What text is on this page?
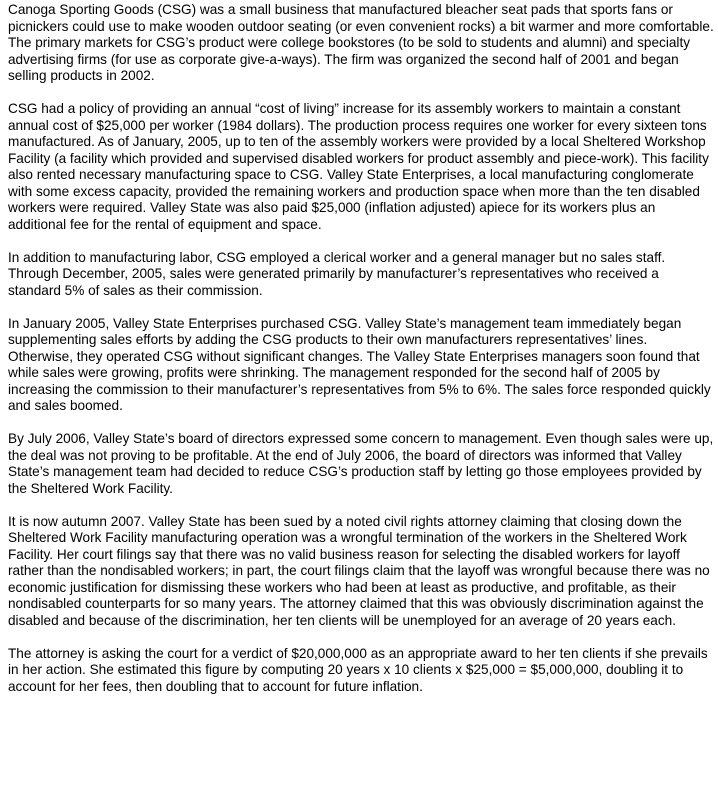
Canoga Sporting Goods (CSG) was a small business that manufactured bleacher seat pads that sports fans or picnickers could use to make wooden outdoor seating (or even convenient rocks) a bit warmer and more comfortable. The primary markets for CSG’s product were college bookstores (to be sold to students and alumni) and specialty advertising firms (for use as corporate give-a-ways). The firm was organized the second half of 2001 and began selling products in 2002.

CSG had a policy of providing an annual “cost of living” increase for its assembly workers to maintain a constant annual cost of $25,000 per worker (1984 dollars). The production process requires one worker for every sixteen tons manufactured. As of January, 2005, up to ten of the assembly workers were provided by a local Sheltered Workshop Facility (a facility which provided and supervised disabled workers for product assembly and piece-work). This facility also rented necessary manufacturing space to CSG. Valley State Enterprises, a local manufacturing conglomerate with some excess capacity, provided the remaining workers and production space when more than the ten disabled workers were required. Valley State was also paid $25,000 (inflation adjusted) apiece for its workers plus an additional fee for the rental of equipment and space.

In addition to manufacturing labor, CSG employed a clerical worker and a general manager but no sales staff. Through December, 2005, sales were generated primarily by manufacturer’s representatives who received a standard 5% of sales as their commission.

In January 2005, Valley State Enterprises purchased CSG. Valley State’s management team immediately began supplementing sales efforts by adding the CSG products to their own manufacturers representatives’ lines. Otherwise, they operated CSG without significant changes. The Valley State Enterprises managers soon found that while sales were growing, profits were shrinking. The management responded for the second half of 2005 by increasing the commission to their manufacturer’s representatives from 5% to 6%. The sales force responded quickly and sales boomed.

By July 2006, Valley State’s board of directors expressed some concern to management. Even though sales were up, the deal was not proving to be profitable. At the end of July 2006, the board of directors was informed that Valley State’s management team had decided to reduce CSG’s production staff by letting go those employees provided by the Sheltered Work Facility.

It is now autumn 2007. Valley State has been sued by a noted civil rights attorney claiming that closing down the Sheltered Work Facility manufacturing operation was a wrongful termination of the workers in the Sheltered Work Facility. Her court filings say that there was no valid business reason for selecting the disabled workers for layoff rather than the nondisabled workers; in part, the court filings claim that the layoff was wrongful because there was no economic justification for dismissing these workers who had been at least as productive, and profitable, as their nondisabled counterparts for so many years. The attorney claimed that this was obviously discrimination against the disabled and because of the discrimination, her ten clients will be unemployed for an average of 20 years each.

The attorney is asking the court for a verdict of $20,000,000 as an appropriate award to her ten clients if she prevails in her action. She estimated this figure by computing 20 years x 10 clients x $25,000 = $5,000,000, doubling it to account for her fees, then doubling that to account for future inflation.
